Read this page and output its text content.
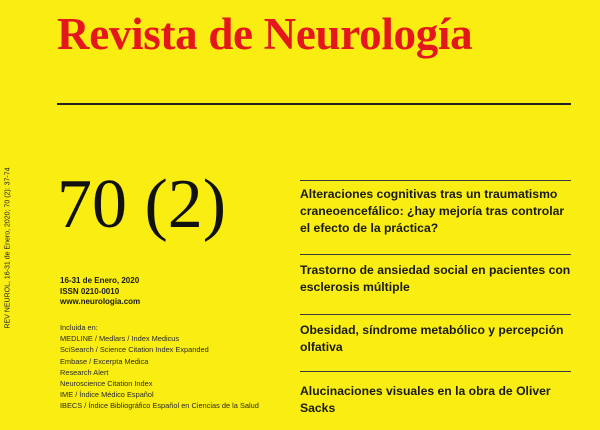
Revista de Neurología
REV NEUROL, 16-31 de Enero, 2020; 70 (2): 37-74 70 (2)
16-31 de Enero, 2020
ISSN 0210-0010
www.neurologia.com
Incluida en:
MEDLINE / Medlars / Index Medicus
SciSearch / Science Citation Index Expanded
Embase / Excerpta Medica
Research Alert
Neuroscience Citation Index
IME / Índice Médico Español
IBECS / Índice Bibliográfico Español en Ciencias de la Salud

Alteraciones cognitivas tras un traumatismo craneoencefálico: ¿hay mejoría tras controlar el efecto de la práctica?

Trastorno de ansiedad social en pacientes con esclerosis múltiple

Obesidad, síndrome metabólico y percepción olfativa

Alucinaciones visuales en la obra de Oliver Sacks
